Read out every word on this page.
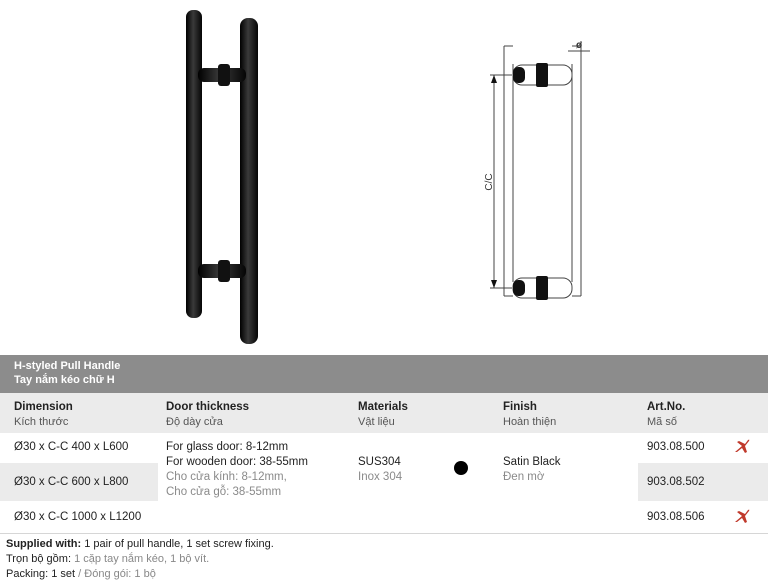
C/C
ø
H-styled Pull Handle
Tay nắm kéo chữ H
Dimension
Kích thước
Door thickness
Độ dày cửa
Materials
Vật liệu
Finish
Hoàn thiện
Art.No.
Mã số
Ø30 x C-C 400 x L600
Ø30 x C-C 600 x L800
Ø30 x C-C 1000 x L1200
For glass door: 8-12mm
For wooden door: 38-55mm
Cho cửa kính: 8-12mm,
Cho cửa gỗ: 38-55mm
SUS304
Inox 304
Satin Black
Đen mờ
903.08.500
903.08.502
903.08.506
Supplied with: 1 pair of pull handle, 1 set screw fixing.
Trọn bộ gồm: 1 cặp tay nắm kéo, 1 bộ vít.
Packing: 1 set / Đóng gói: 1 bộ
